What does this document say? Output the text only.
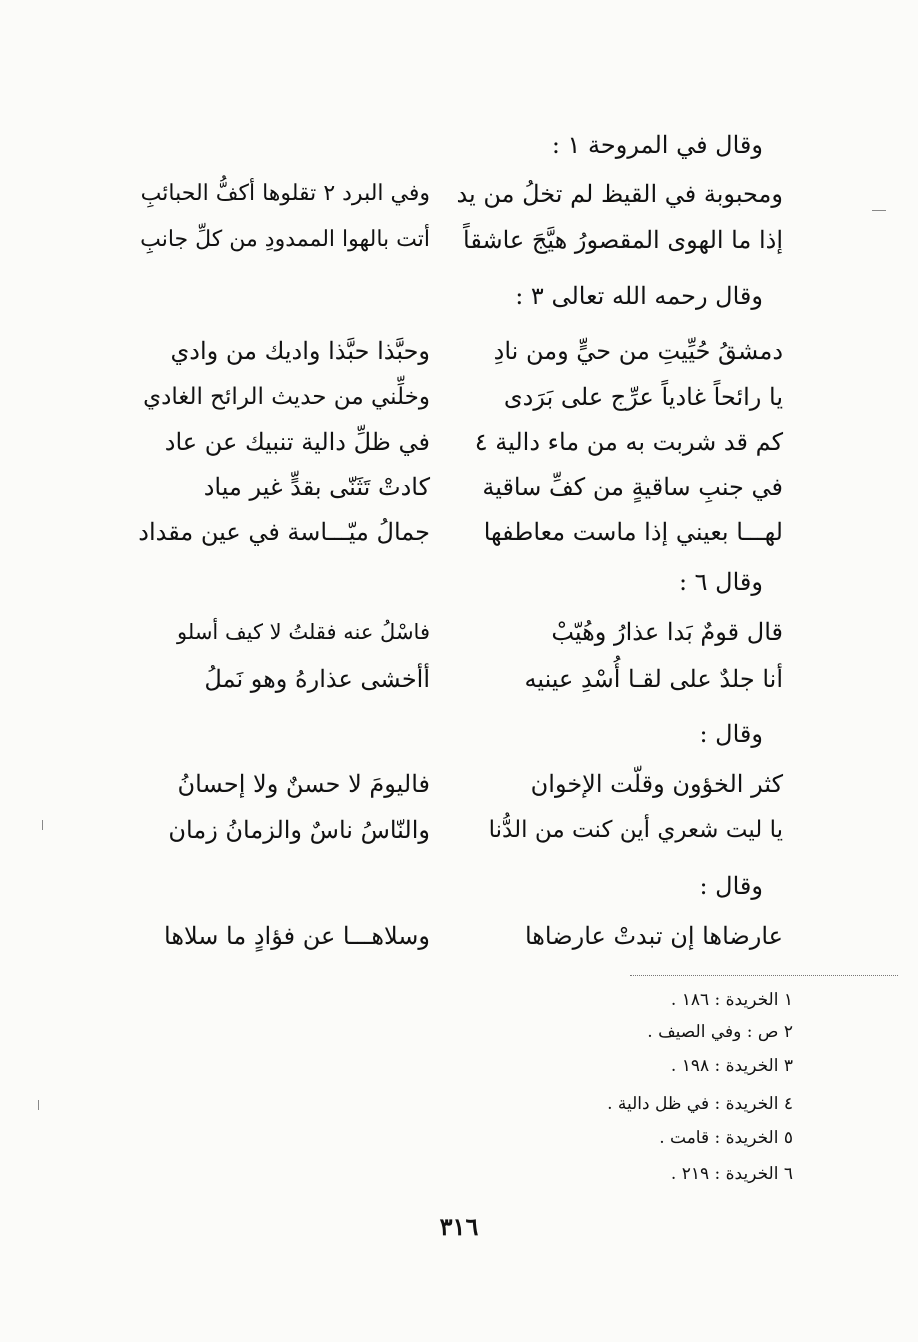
وقال في المروحة ١ :
ومحبوبة في القيظ لم تخلُ من يد
وفي البرد ٢ تقلوها أكفُّ الحبائبِ
إذا ما الهوى المقصورُ هيَّجَ عاشقاً
أتت بالهوا الممدودِ من كلِّ جانبِ
وقال رحمه الله تعالى ٣ :
دمشقُ حُيِّيتِ من حيٍّ ومن نادِ
وحبَّذا حبَّذا واديك من وادي
يا رائحاً غادياً عرِّج على بَرَدى
وخلِّني من حديث الرائح الغادي
كم قد شربت به من ماء دالية ٤
في ظلِّ دالية تنبيك عن عاد
في جنبِ ساقيةٍ من كفِّ ساقية
كادتْ تَثَنّى بقدٍّ غير مياد
لهـــا بعيني إذا ماست معاطفها
جمالُ ميّـــاسة في عين مقداد
وقال ٦ :
قال قومٌ بَدا عذارُ وهُيّبْ
فاسْلُ عنه فقلتُ لا كيف أسلو
أنا جلدٌ على لقـا أُسْدِ عينيه
أأخشى عذارهُ وهو نَملُ
وقال :
كثر الخؤون وقلّت الإخوان
فاليومَ لا حسنٌ ولا إحسانُ
يا ليت شعري أين كنت من الدُّنا
والنّاسُ ناسٌ والزمانُ زمان
وقال :
عارضاها إن تبدتْ عارضاها
وسلاهـــا عن فؤادٍ ما سلاها
١ الخريدة : ١٨٦ .
٢ ص : وفي الصيف .
٣ الخريدة : ١٩٨ .
٤ الخريدة : في ظل دالية .
٥ الخريدة : قامت .
٦ الخريدة : ٢١٩ .
٣١٦
